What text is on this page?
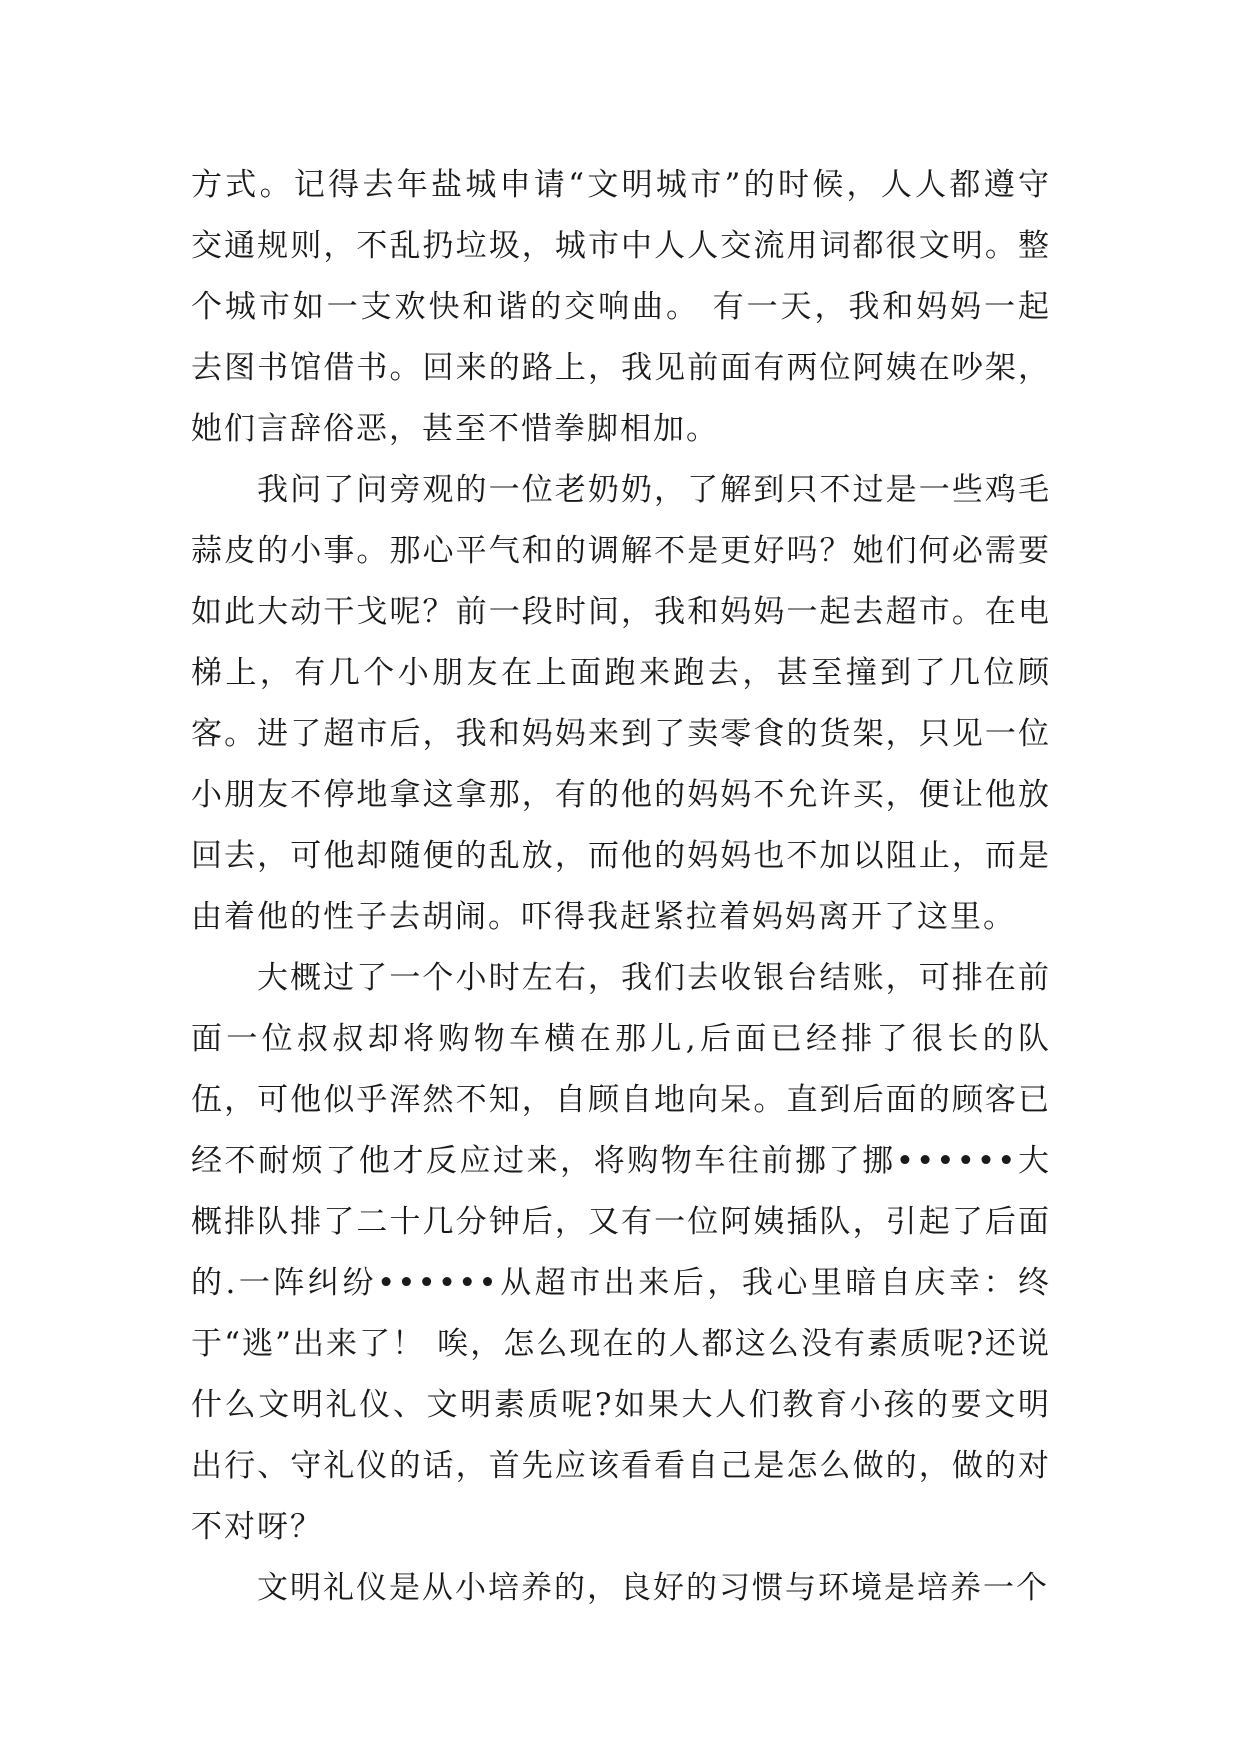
方式。记得去年盐城申请“文明城市”的时候，人人都遵守交通规则，不乱扔垃圾，城市中人人交流用词都很文明。整个城市如一支欢快和谐的交响曲。 有一天，我和妈妈一起去图书馆借书。回来的路上，我见前面有两位阿姨在吵架，她们言辞俗恶，甚至不惜拳脚相加。

我问了问旁观的一位老奶奶，了解到只不过是一些鸡毛蒜皮的小事。那心平气和的调解不是更好吗？她们何必需要如此大动干戈呢？前一段时间，我和妈妈一起去超市。在电梯上，有几个小朋友在上面跑来跑去，甚至撞到了几位顾客。进了超市后，我和妈妈来到了卖零食的货架，只见一位小朋友不停地拿这拿那，有的他的妈妈不允许买，便让他放回去，可他却随便的乱放，而他的妈妈也不加以阻止，而是由着他的性子去胡闹。吓得我赶紧拉着妈妈离开了这里。

大概过了一个小时左右，我们去收银台结账，可排在前面一位叔叔却将购物车横在那儿,后面已经排了很长的队伍，可他似乎浑然不知，自顾自地向呆。直到后面的顾客已经不耐烦了他才反应过来，将购物车往前挪了挪••••••大概排队排了二十几分钟后，又有一位阿姨插队，引起了后面的.一阵纠纷••••••从超市出来后，我心里暗自庆幸：终于“逃”出来了！ 唉，怎么现在的人都这么没有素质呢?还说什么文明礼仪、文明素质呢?如果大人们教育小孩的要文明出行、守礼仪的话，首先应该看看自己是怎么做的，做的对不对呀？

文明礼仪是从小培养的，良好的习惯与环境是培养一个
